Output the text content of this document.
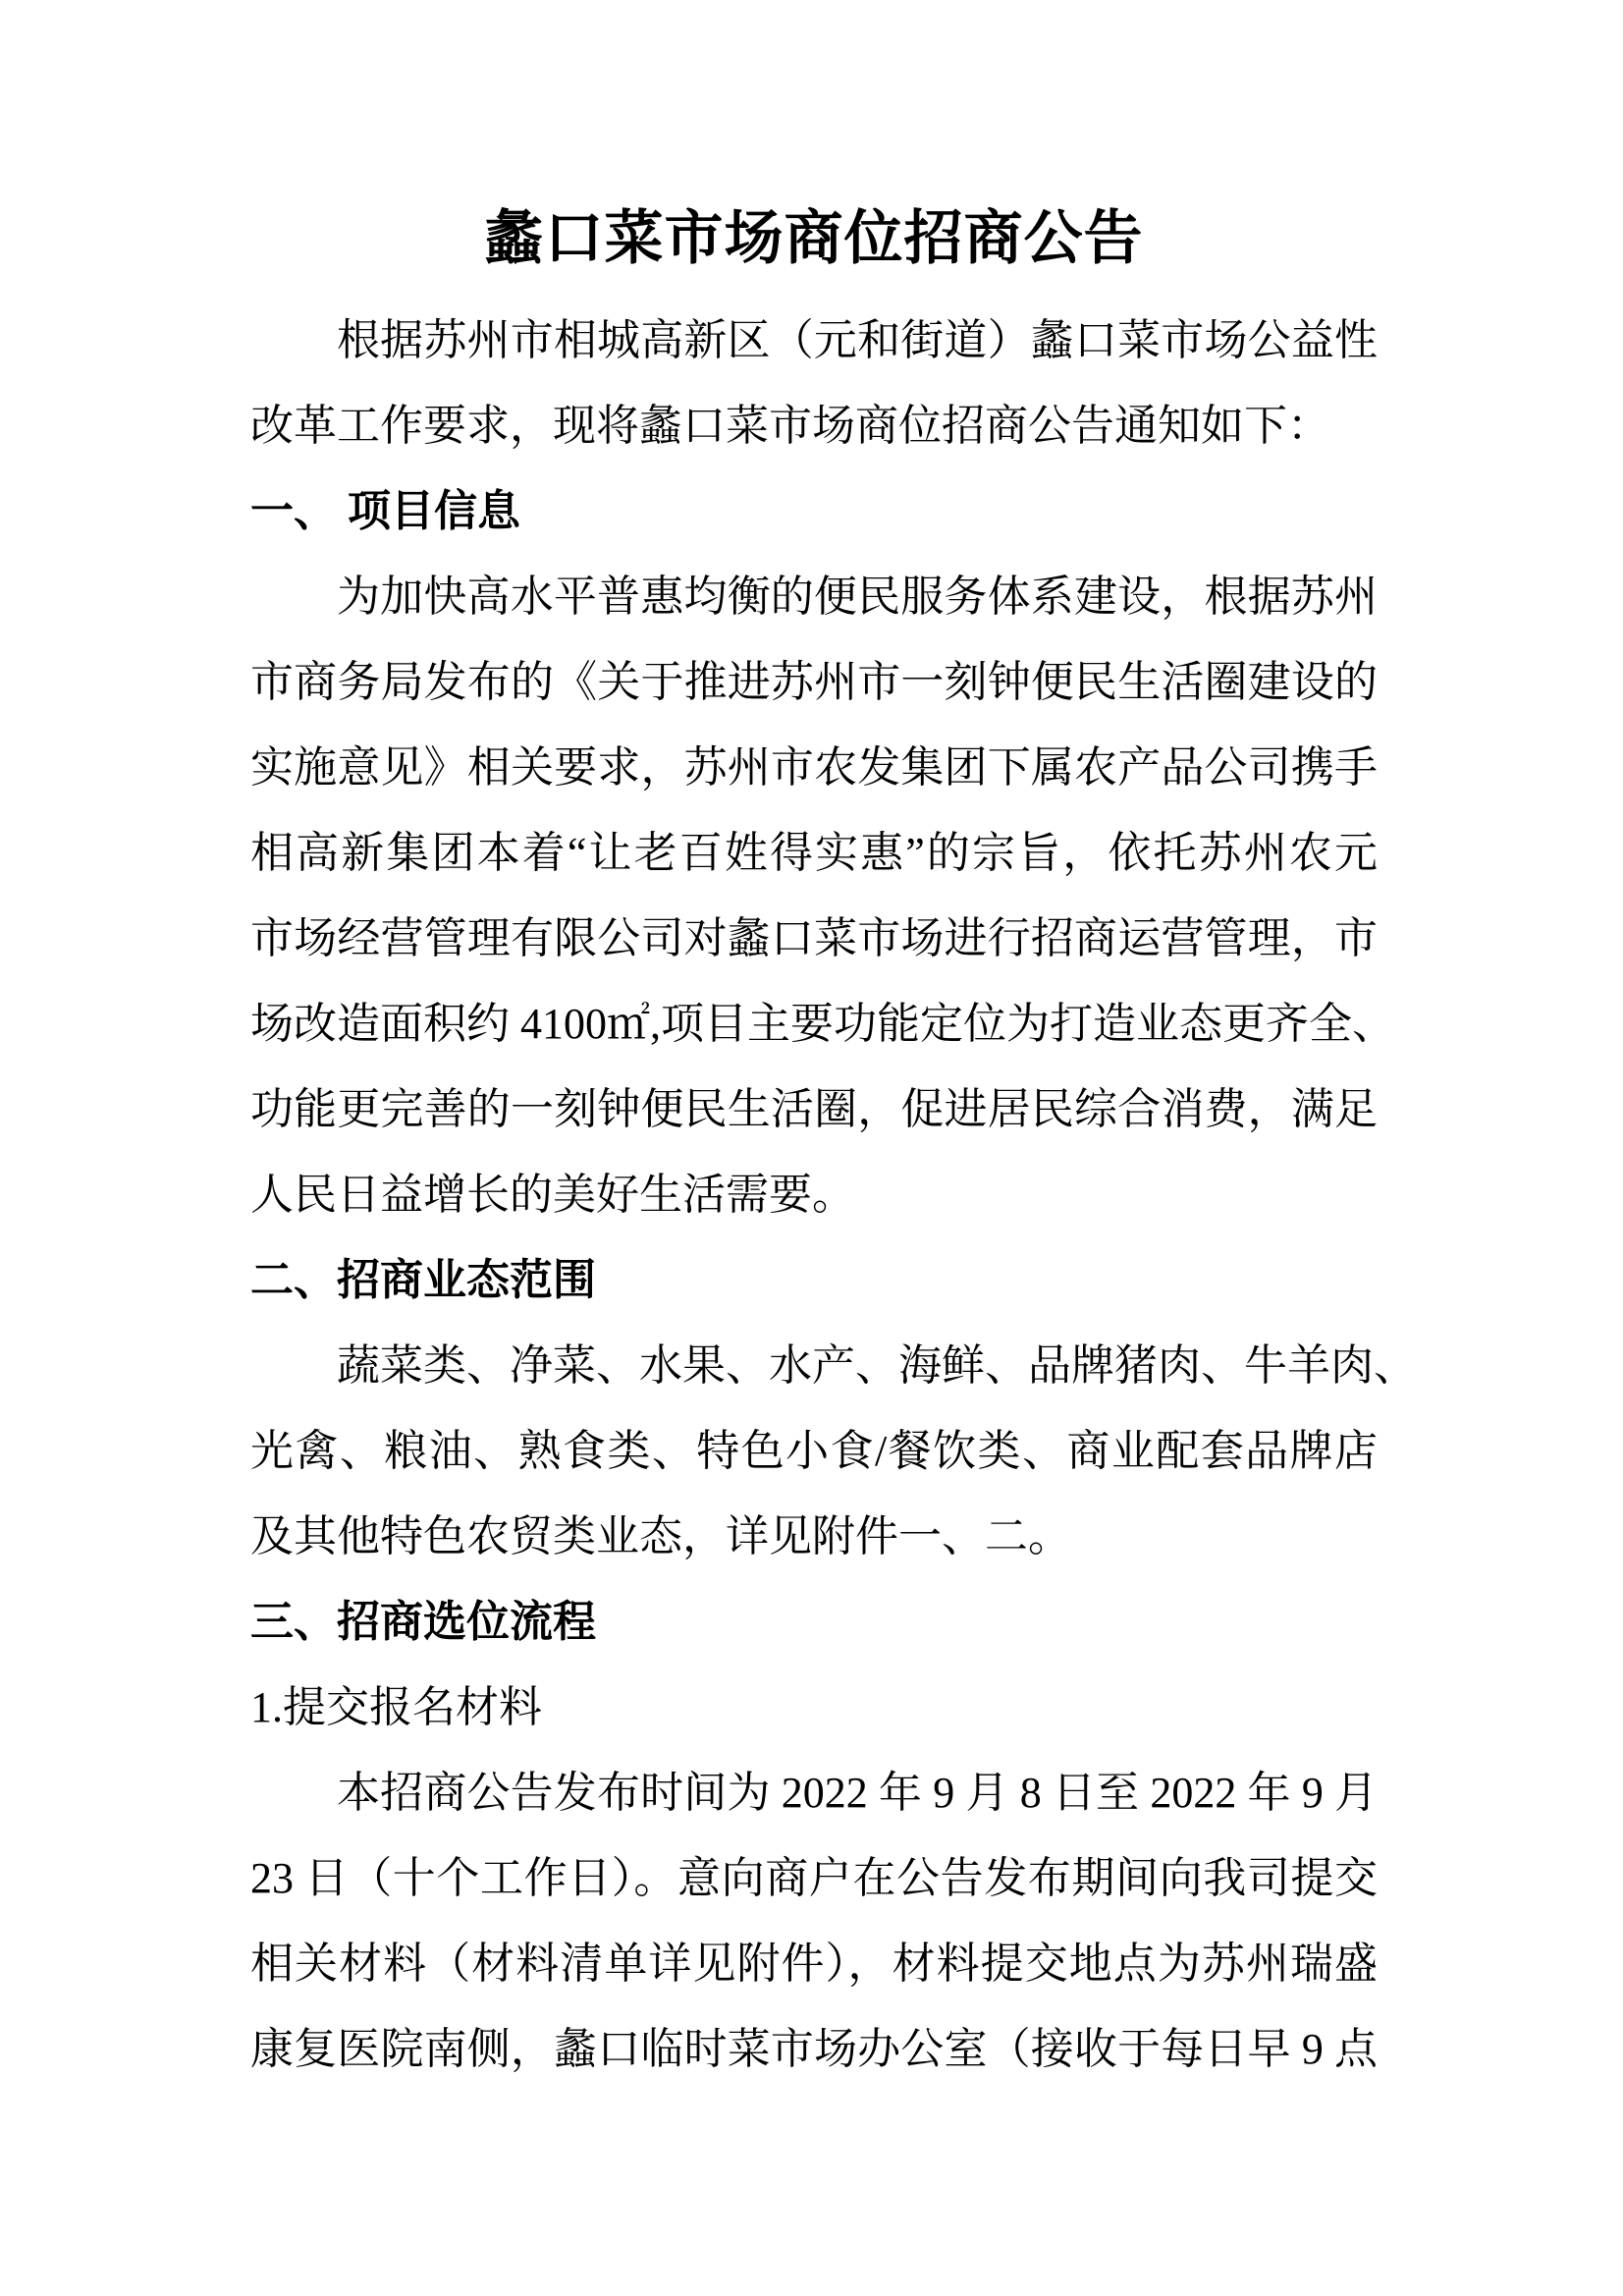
蠡口菜市场商位招商公告
根据苏州市相城高新区（元和街道）蠡口菜市场公益性
改革工作要求，现将蠡口菜市场商位招商公告通知如下：
一、 项目信息
为加快高水平普惠均衡的便民服务体系建设，根据苏州
市商务局发布的《关于推进苏州市一刻钟便民生活圈建设的
实施意见》相关要求，苏州市农发集团下属农产品公司携手
相高新集团本着“让老百姓得实惠”的宗旨，依托苏州农元
市场经营管理有限公司对蠡口菜市场进行招商运营管理，市
场改造面积约 4100㎡,项目主要功能定位为打造业态更齐全、
功能更完善的一刻钟便民生活圈，促进居民综合消费，满足
人民日益增长的美好生活需要。
二、招商业态范围
蔬菜类、净菜、水果、水产、海鲜、品牌猪肉、牛羊肉、
光禽、粮油、熟食类、特色小食/餐饮类、商业配套品牌店
及其他特色农贸类业态，详见附件一、二。
三、招商选位流程
1.提交报名材料
本招商公告发布时间为 2022 年 9 月 8 日至 2022 年 9 月
23 日（十个工作日）。意向商户在公告发布期间向我司提交
相关材料（材料清单详见附件），材料提交地点为苏州瑞盛
康复医院南侧，蠡口临时菜市场办公室（接收于每日早 9 点
